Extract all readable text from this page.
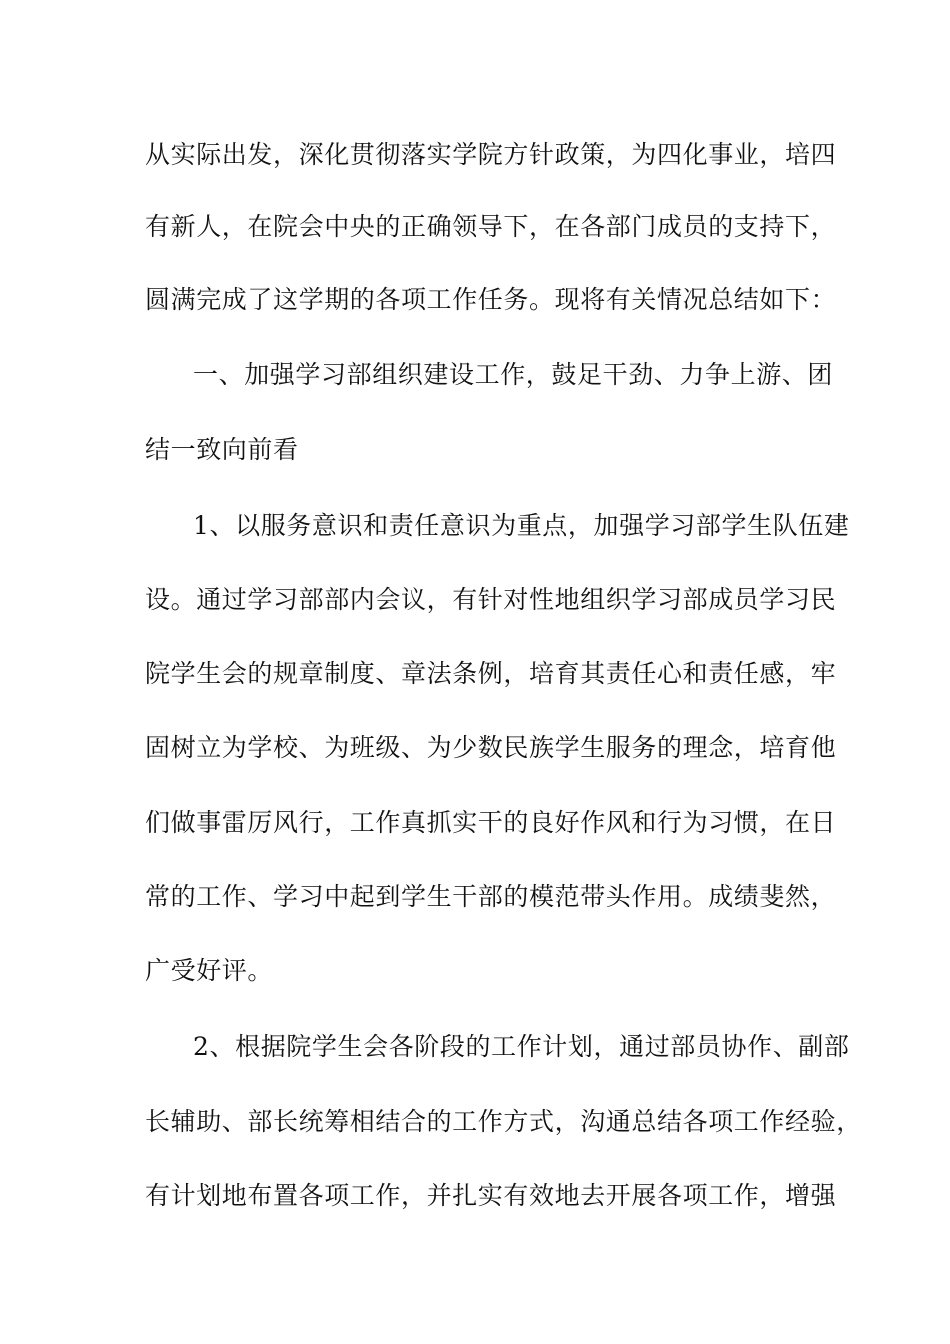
从实际出发，深化贯彻落实学院方针政策，为四化事业，培四
有新人，在院会中央的正确领导下，在各部门成员的支持下，
圆满完成了这学期的各项工作任务。现将有关情况总结如下：
一、加强学习部组织建设工作，鼓足干劲、力争上游、团
结一致向前看
1、以服务意识和责任意识为重点，加强学习部学生队伍建
设。通过学习部部内会议，有针对性地组织学习部成员学习民
院学生会的规章制度、章法条例，培育其责任心和责任感，牢
固树立为学校、为班级、为少数民族学生服务的理念，培育他
们做事雷厉风行，工作真抓实干的良好作风和行为习惯，在日
常的工作、学习中起到学生干部的模范带头作用。成绩斐然，
广受好评。
2、根据院学生会各阶段的工作计划，通过部员协作、副部
长辅助、部长统筹相结合的工作方式，沟通总结各项工作经验，
有计划地布置各项工作，并扎实有效地去开展各项工作，增强
